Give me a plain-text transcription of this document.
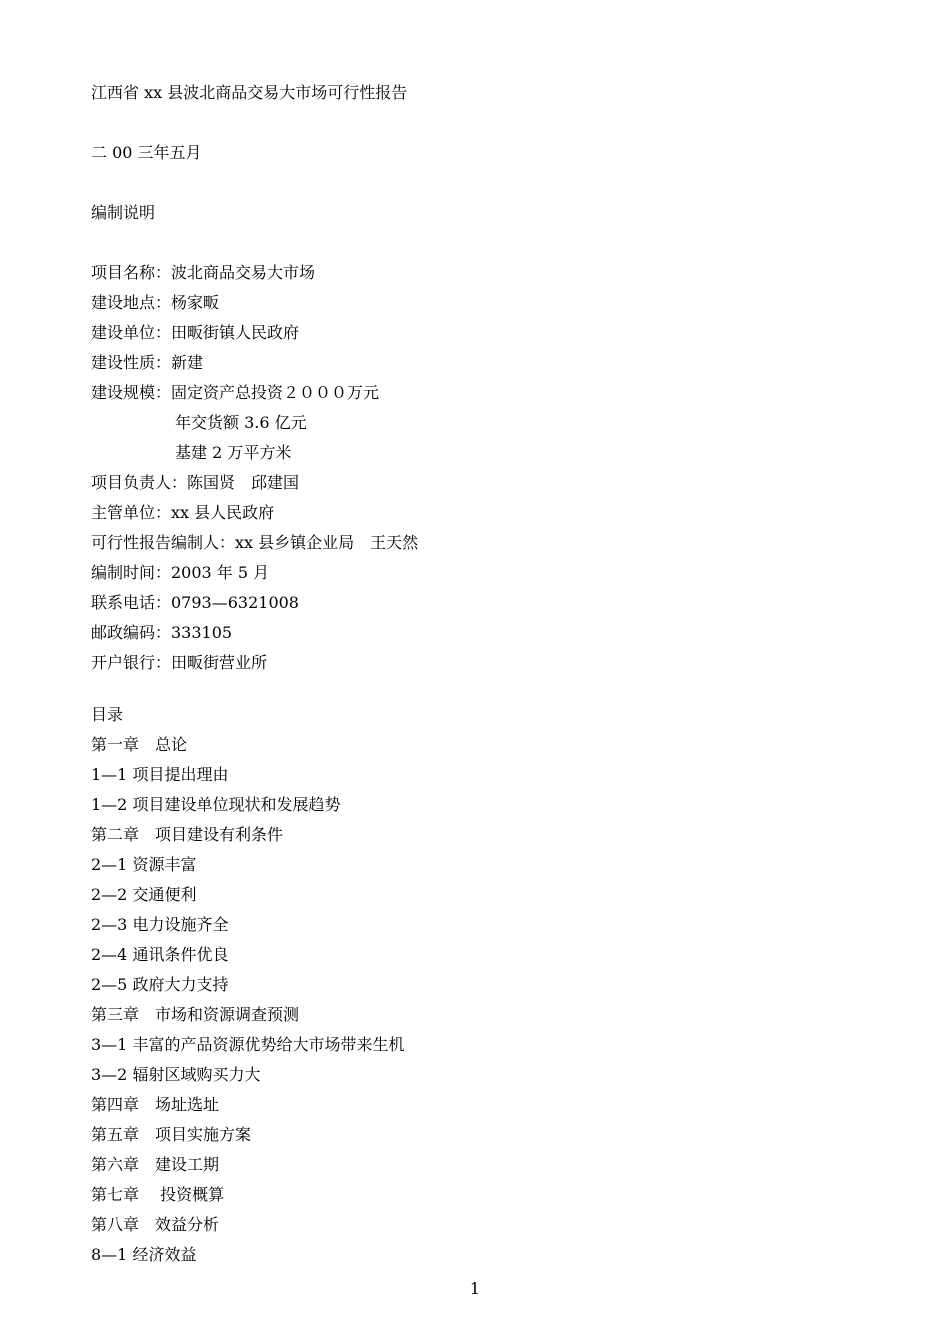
江西省 xx 县波北商品交易大市场可行性报告
二 00 三年五月
编制说明
项目名称：波北商品交易大市场
建设地点：杨家畈
建设单位：田畈街镇人民政府
建设性质：新建
建设规模：固定资产总投资２０００万元
年交货额 3.6 亿元
基建 2 万平方米
项目负责人：陈国贤　邱建国
主管单位：xx 县人民政府
可行性报告编制人：xx 县乡镇企业局　王天然
编制时间：2003 年 5 月
联系电话：0793—6321008
邮政编码：333105
开户银行：田畈街营业所
目录
第一章　总论
1—1 项目提出理由
1—2 项目建设单位现状和发展趋势
第二章　项目建设有利条件
2—1 资源丰富
2—2 交通便利
2—3 电力设施齐全
2—4 通讯条件优良
2—5 政府大力支持
第三章　市场和资源调查预测
3—1 丰富的产品资源优势给大市场带来生机
3—2 辐射区域购买力大
第四章　场址选址
第五章　项目实施方案
第六章　建设工期
第七章　 投资概算
第八章　效益分析
8—1 经济效益
1
